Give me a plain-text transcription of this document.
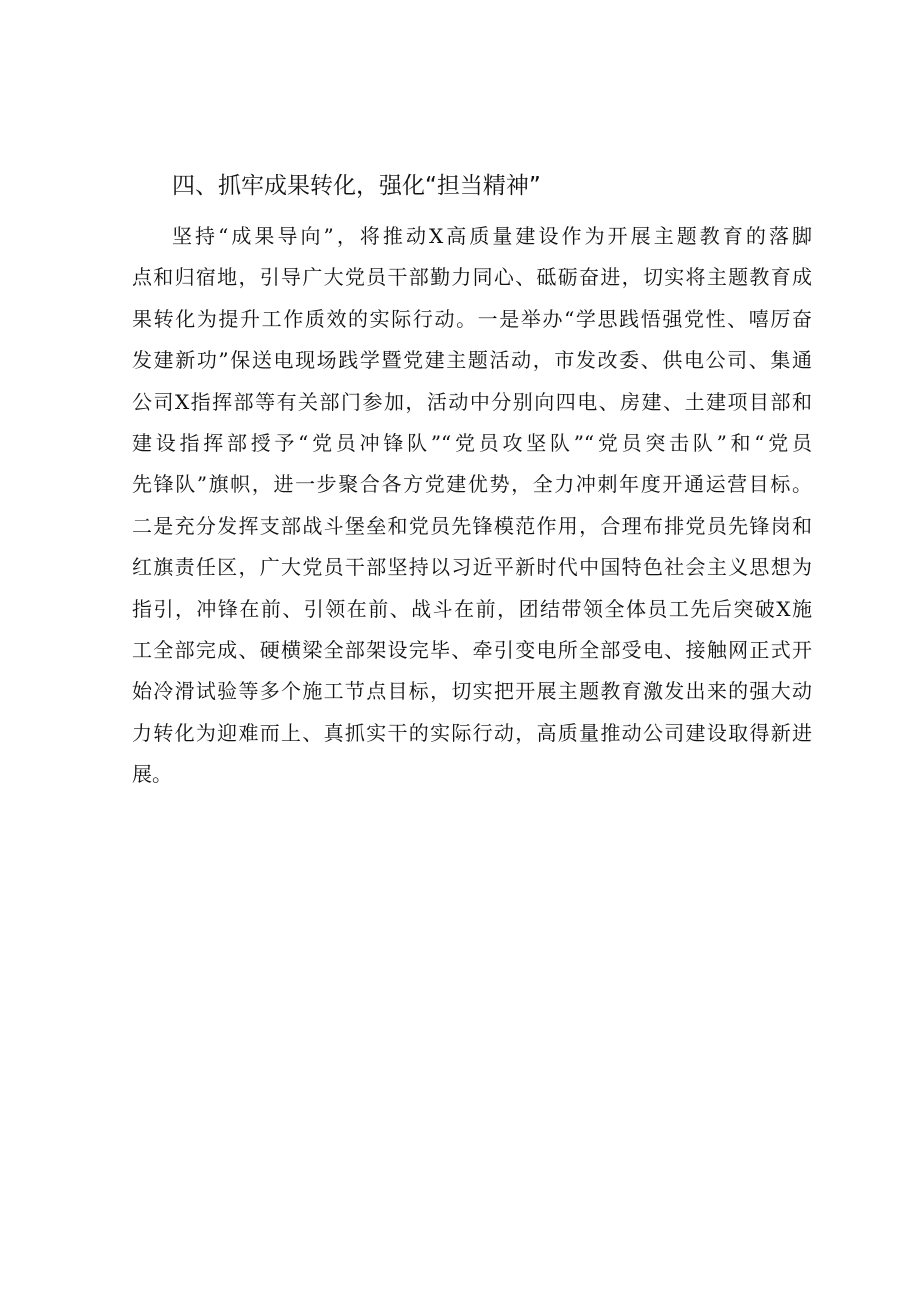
四、抓牢成果转化，强化“担当精神”
坚持“成果导向”，将推动X高质量建设作为开展主题教育的落脚
点和归宿地，引导广大党员干部勤力同心、砥砺奋进，切实将主题教育成
果转化为提升工作质效的实际行动。一是举办“学思践悟强党性、嘻厉奋
发建新功”保送电现场践学暨党建主题活动，市发改委、供电公司、集通
公司X指挥部等有关部门参加，活动中分别向四电、房建、土建项目部和
建设指挥部授予“党员冲锋队”“党员攻坚队”“党员突击队”和“党员
先锋队”旗帜，进一步聚合各方党建优势，全力冲刺年度开通运营目标。
二是充分发挥支部战斗堡垒和党员先锋模范作用，合理布排党员先锋岗和
红旗责任区，广大党员干部坚持以习近平新时代中国特色社会主义思想为
指引，冲锋在前、引领在前、战斗在前，团结带领全体员工先后突破X施
工全部完成、硬横梁全部架设完毕、牵引变电所全部受电、接触网正式开
始冷滑试验等多个施工节点目标，切实把开展主题教育激发出来的强大动
力转化为迎难而上、真抓实干的实际行动，高质量推动公司建设取得新进
展。
